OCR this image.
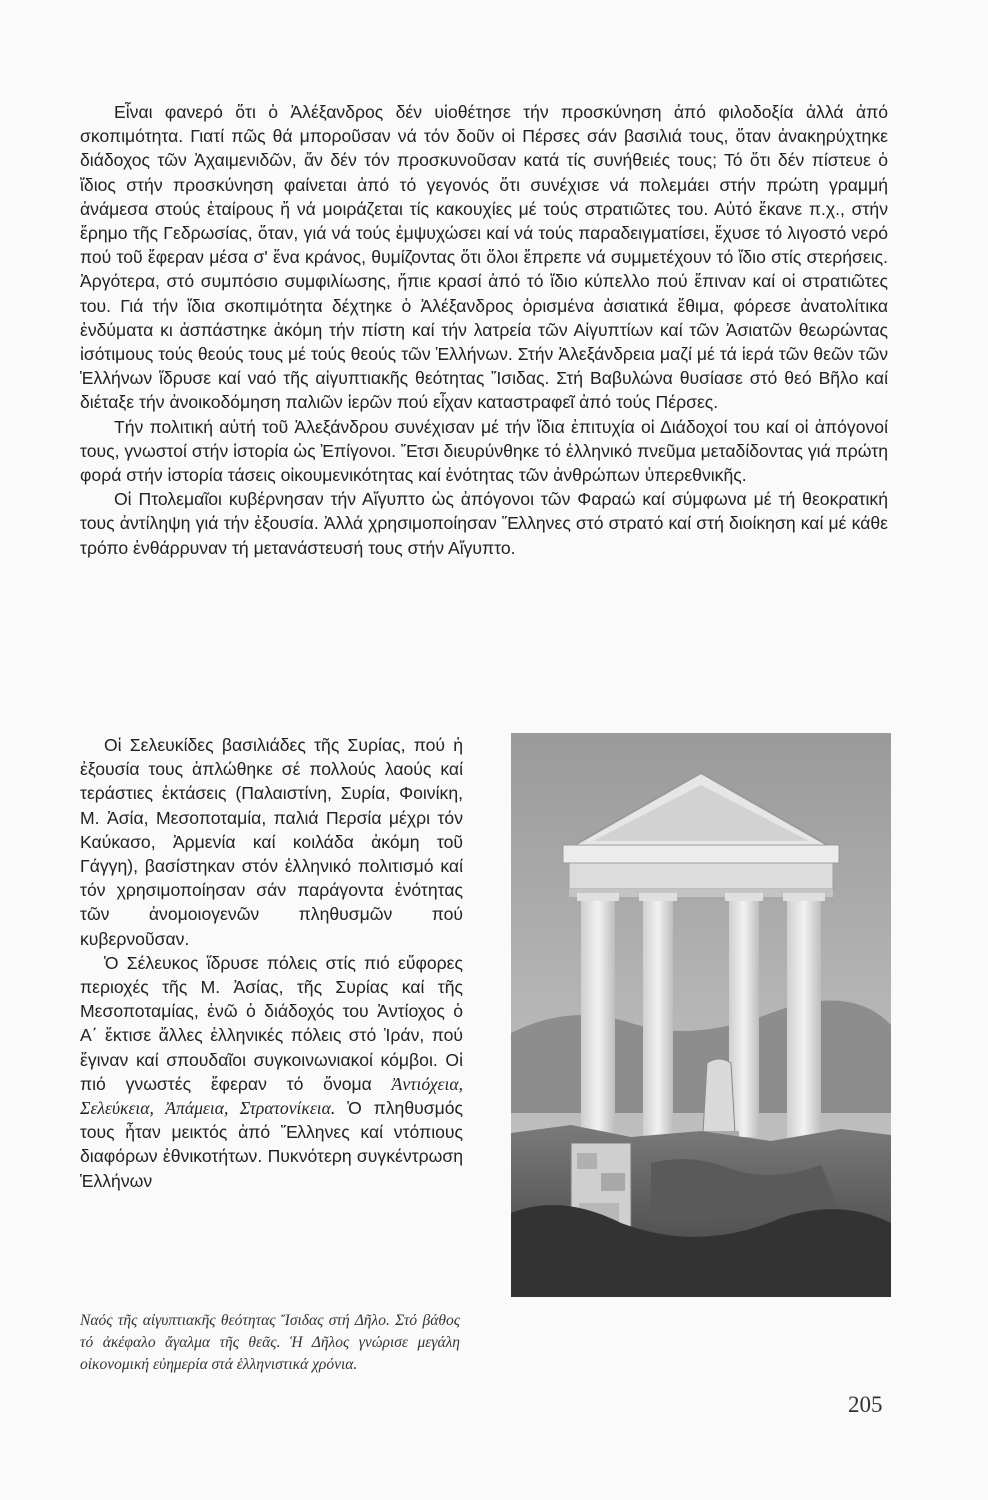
Εἶναι φανερό ὅτι ὁ Ἀλέξανδρος δέν υἱοθέτησε τήν προσκύνηση ἀπό φιλοδοξία ἀλλά ἀπό σκοπιμότητα. Γιατί πῶς θά μποροῦσαν νά τόν δοῦν οἱ Πέρσες σάν βασιλιά τους, ὅταν ἀνακηρύχτηκε διάδοχος τῶν Ἀχαιμενιδῶν, ἄν δέν τόν προσκυνοῦσαν κατά τίς συνήθειές τους; Τό ὅτι δέν πίστευε ὁ ἴδιος στήν προσκύνηση φαίνεται ἀπό τό γεγονός ὅτι συνέχισε νά πολεμάει στήν πρώτη γραμμή ἀνάμεσα στούς ἑταίρους ἤ νά μοιράζεται τίς κακουχίες μέ τούς στρατιῶτες του. Αὐτό ἔκανε π.χ., στήν ἔρημο τῆς Γεδρωσίας, ὅταν, γιά νά τούς ἐμψυχώσει καί νά τούς παραδειγματίσει, ἔχυσε τό λιγοστό νερό πού τοῦ ἔφεραν μέσα σ' ἕνα κράνος, θυμίζοντας ὅτι ὅλοι ἔπρεπε νά συμμετέχουν τό ἴδιο στίς στερήσεις. Ἀργότερα, στό συμπόσιο συμφιλίωσης, ἤπιε κρασί ἀπό τό ἴδιο κύπελλο πού ἔπιναν καί οἱ στρατιῶτες του. Γιά τήν ἴδια σκοπιμότητα δέχτηκε ὁ Ἀλέξανδρος ὁρισμένα ἀσιατικά ἔθιμα, φόρεσε ἀνατολίτικα ἐνδύματα κι ἀσπάστηκε ἀκόμη τήν πίστη καί τήν λατρεία τῶν Αἰγυπτίων καί τῶν Ἀσιατῶν θεωρώντας ἰσότιμους τούς θεούς τους μέ τούς θεούς τῶν Ἑλλήνων. Στήν Ἀλεξάνδρεια μαζί μέ τά ἱερά τῶν θεῶν τῶν Ἑλλήνων ἵδρυσε καί ναό τῆς αἰγυπτιακῆς θεότητας Ἴσιδας. Στή Βαβυλώνα θυσίασε στό θεό Βῆλο καί διέταξε τήν ἀνοικοδόμηση παλιῶν ἱερῶν πού εἶχαν καταστραφεῖ ἀπό τούς Πέρσες.

Τήν πολιτική αὐτή τοῦ Ἀλεξάνδρου συνέχισαν μέ τήν ἴδια ἐπιτυχία οἱ Διάδοχοί του καί οἱ ἀπόγονοί τους, γνωστοί στήν ἱστορία ὡς Ἐπίγονοι. Ἔτσι διευρύνθηκε τό ἑλληνικό πνεῦμα μεταδίδοντας γιά πρώτη φορά στήν ἱστορία τάσεις οἰκουμενικότητας καί ἑνότητας τῶν ἀνθρώπων ὑπερεθνικῆς.

Οἱ Πτολεμαῖοι κυβέρνησαν τήν Αἴγυπτο ὡς ἀπόγονοι τῶν Φαραώ καί σύμφωνα μέ τή θεοκρατική τους ἀντίληψη γιά τήν ἐξουσία. Ἀλλά χρησιμοποίησαν Ἕλληνες στό στρατό καί στή διοίκηση καί μέ κάθε τρόπο ἐνθάρρυναν τή μετανάστευσή τους στήν Αἴγυπτο.

Οἱ Σελευκίδες βασιλιάδες τῆς Συρίας, πού ἡ ἐξουσία τους ἁπλώθηκε σέ πολλούς λαούς καί τεράστιες ἐκτάσεις (Παλαιστίνη, Συρία, Φοινίκη, Μ. Ἀσία, Μεσοποταμία, παλιά Περσία μέχρι τόν Καύκασο, Ἀρμενία καί κοιλάδα ἀκόμη τοῦ Γάγγη), βασίστηκαν στόν ἑλληνικό πολιτισμό καί τόν χρησιμοποίησαν σάν παράγοντα ἑνότητας τῶν ἀνομοιογενῶν πληθυσμῶν πού κυβερνοῦσαν.

Ὁ Σέλευκος ἵδρυσε πόλεις στίς πιό εὔφορες περιοχές τῆς Μ. Ἀσίας, τῆς Συρίας καί τῆς Μεσοποταμίας, ἐνῶ ὁ διάδοχός του Ἀντίοχος ὁ Α΄ ἔκτισε ἄλλες ἑλληνικές πόλεις στό Ἰράν, πού ἔγιναν καί σπουδαῖοι συγκοινωνιακοί κόμβοι. Οἱ πιό γνωστές ἔφεραν τό ὄνομα Ἀντιόχεια, Σελεύκεια, Ἀπάμεια, Στρατονίκεια. Ὁ πληθυσμός τους ἦταν μεικτός ἀπό Ἕλληνες καί ντόπιους διαφόρων ἐθνικοτήτων. Πυκνότερη συγκέντρωση Ἑλλήνων

Ναός τῆς αἰγυπτιακῆς θεότητας Ἴσιδας στή Δῆλο. Στό βάθος τό ἀκέφαλο ἄγαλμα τῆς θεᾶς. Ἡ Δῆλος γνώρισε μεγάλη οἰκονομική εὐημερία στά ἑλληνιστικά χρόνια.
205
